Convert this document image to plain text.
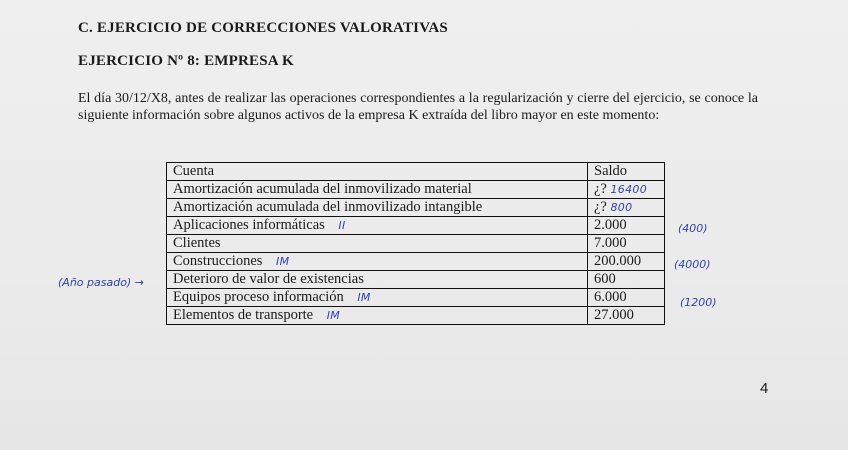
C. EJERCICIO DE CORRECCIONES VALORATIVAS
EJERCICIO Nº 8: EMPRESA K
El día 30/12/X8, antes de realizar las operaciones correspondientes a la regularización y cierre del ejercicio, se conoce la siguiente información sobre algunos activos de la empresa K extraída del libro mayor en este momento:
Cuenta	Saldo
Amortización acumulada del inmovilizado material	¿? 16400
Amortización acumulada del inmovilizado intangible	¿? 800
Aplicaciones informáticas II	2.000
Clientes	7.000
Construcciones IM	200.000
Deterioro de valor de existencias	600
Equipos proceso información IM	6.000
Elementos de transporte IM	27.000
(Año pasado) →
(400)
(4000)
(1200)
4
